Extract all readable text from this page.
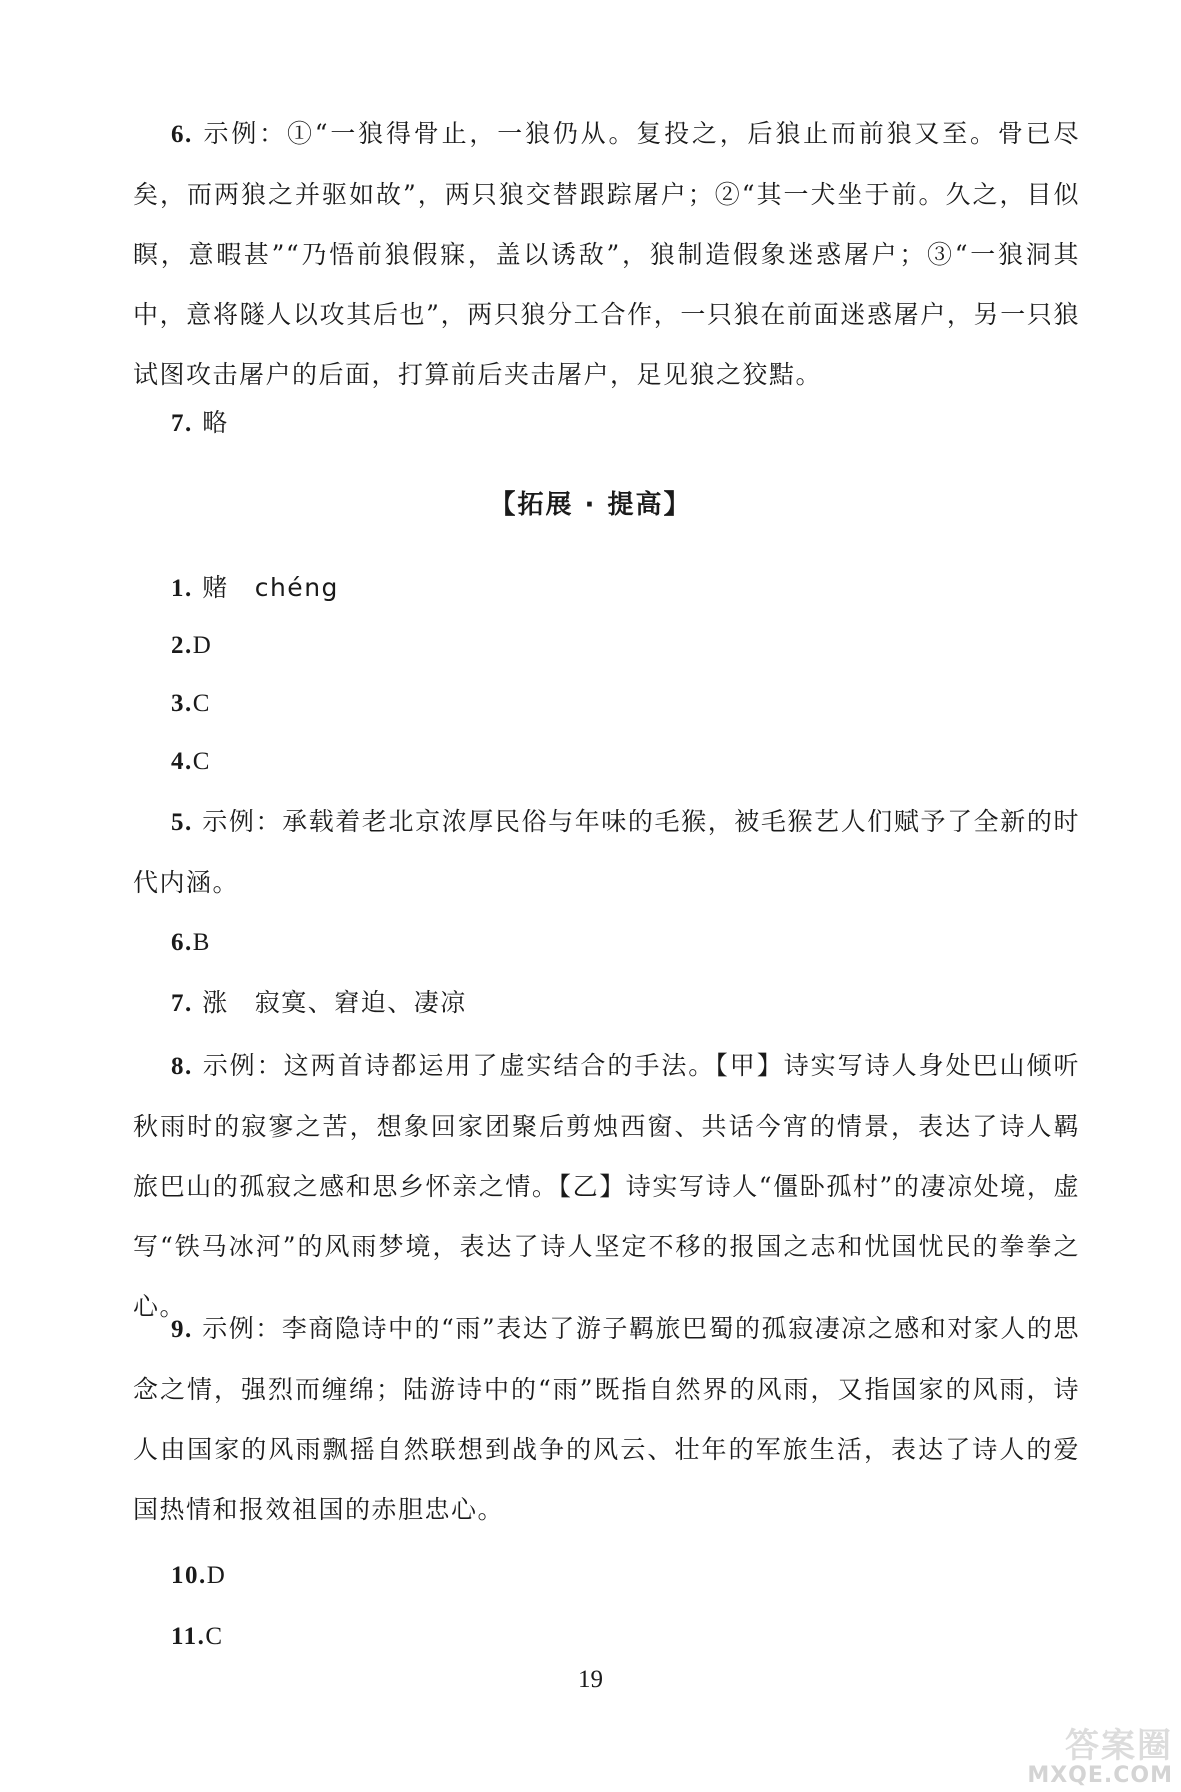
6. 示例：①“一狼得骨止，一狼仍从。复投之，后狼止而前狼又至。骨已尽矣，而两狼之并驱如故”，两只狼交替跟踪屠户；②“其一犬坐于前。久之，目似瞑，意暇甚”“乃悟前狼假寐，盖以诱敌”，狼制造假象迷惑屠户；③“一狼洞其中，意将隧人以攻其后也”，两只狼分工合作，一只狼在前面迷惑屠户，另一只狼试图攻击屠户的后面，打算前后夹击屠户，足见狼之狡黠。
7. 略
【拓展 · 提高】
1. 赌 chéng
2.D
3.C
4.C
5. 示例：承载着老北京浓厚民俗与年味的毛猴，被毛猴艺人们赋予了全新的时代内涵。
6.B
7. 涨 寂寞、窘迫、凄凉
8. 示例：这两首诗都运用了虚实结合的手法。【甲】诗实写诗人身处巴山倾听秋雨时的寂寥之苦，想象回家团聚后剪烛西窗、共话今宵的情景，表达了诗人羁旅巴山的孤寂之感和思乡怀亲之情。【乙】诗实写诗人“僵卧孤村”的凄凉处境，虚写“铁马冰河”的风雨梦境，表达了诗人坚定不移的报国之志和忧国忧民的拳拳之心。
9. 示例：李商隐诗中的“雨”表达了游子羁旅巴蜀的孤寂凄凉之感和对家人的思念之情，强烈而缠绵；陆游诗中的“雨”既指自然界的风雨，又指国家的风雨，诗人由国家的风雨飘摇自然联想到战争的风云、壮年的军旅生活，表达了诗人的爱国热情和报效祖国的赤胆忠心。
10.D
11.C
19
答案圈
MXQE.COM
